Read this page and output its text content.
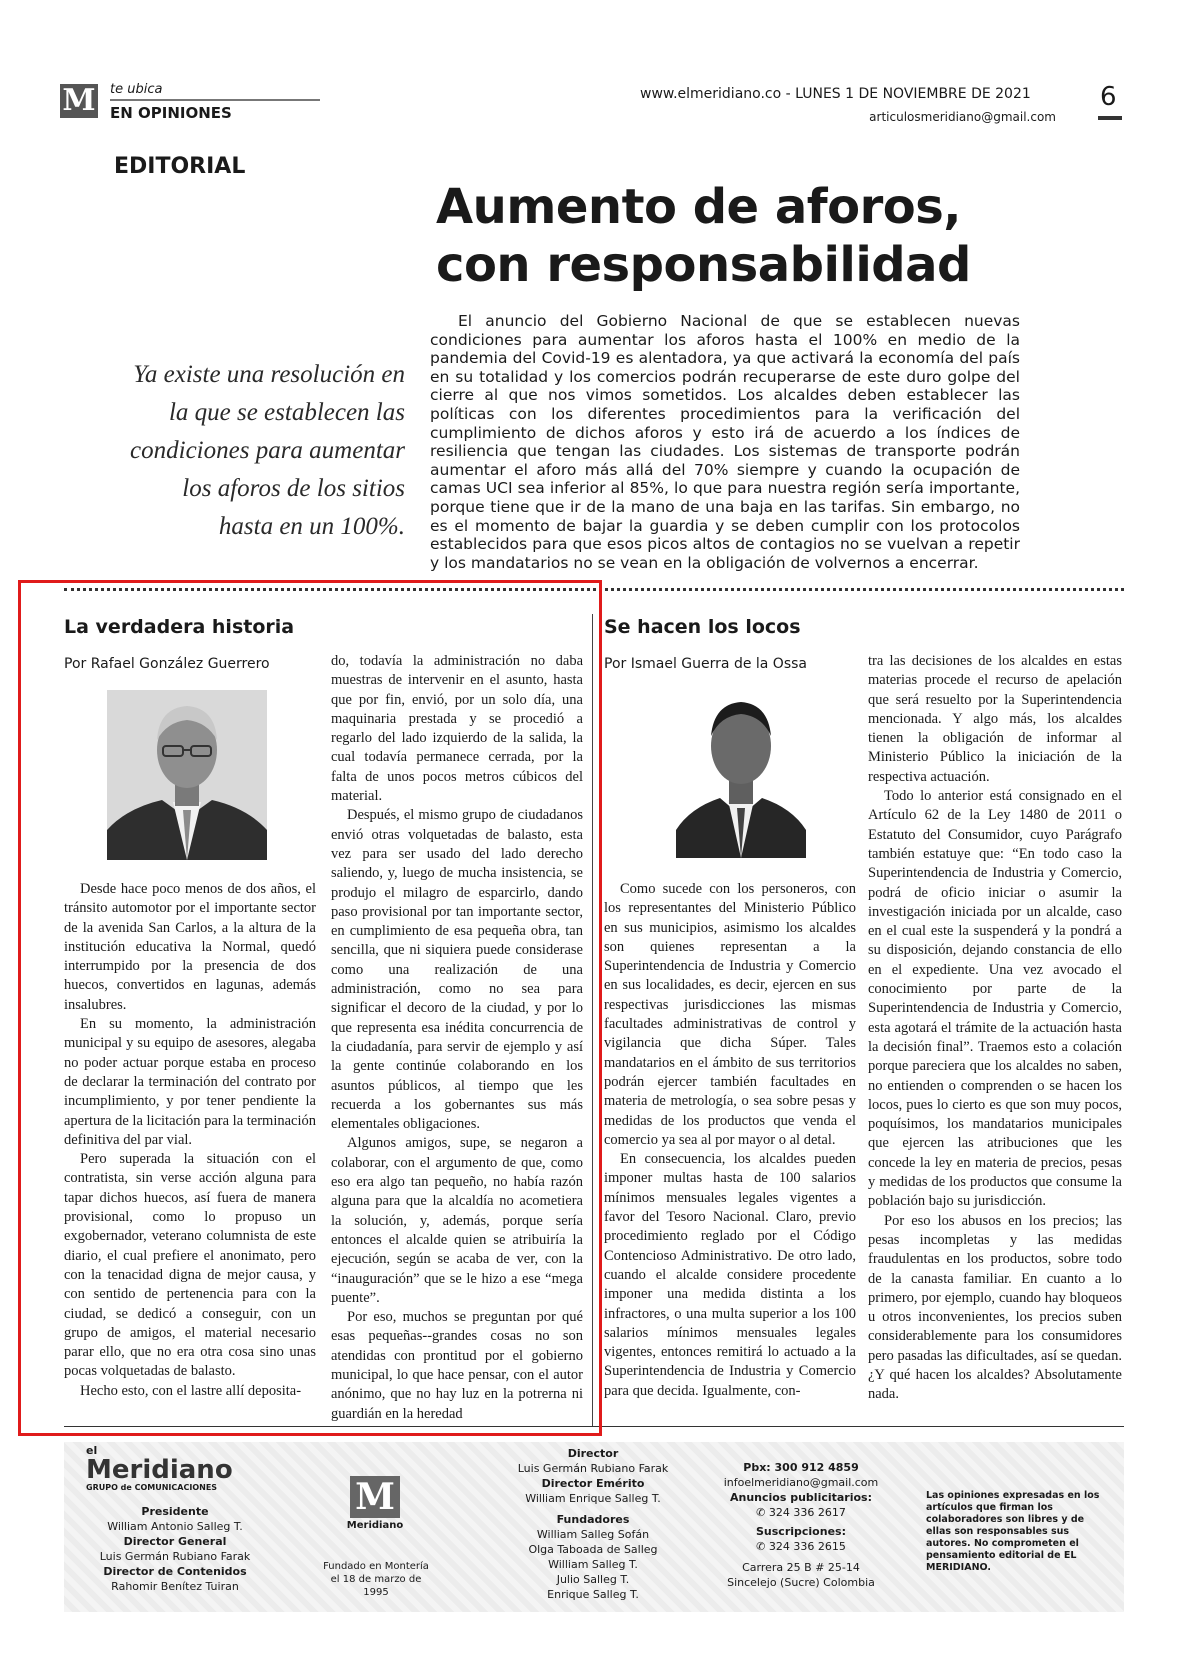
M te ubica
EN OPINIONES
www.elmeridiano.co - LUNES 1 DE NOVIEMBRE DE 2021
articulosmeridiano@gmail.com
6
EDITORIAL
Aumento de aforos,
con responsabilidad
Ya existe una resolución en la que se establecen las condiciones para aumentar los aforos de los sitios hasta en un 100%.

El anuncio del Gobierno Nacional de que se establecen nuevas condiciones para aumentar los aforos hasta el 100% en medio de la pandemia del Covid-19 es alentadora, ya que activará la economía del país en su totalidad y los comercios podrán recuperarse de este duro golpe del cierre al que nos vimos sometidos. Los alcaldes deben establecer las políticas con los diferentes procedimientos para la verificación del cumplimiento de dichos aforos y esto irá de acuerdo a los índices de resiliencia que tengan las ciudades. Los sistemas de transporte podrán aumentar el aforo más allá del 70% siempre y cuando la ocupación de camas UCI sea inferior al 85%, lo que para nuestra región sería importante, porque tiene que ir de la mano de una baja en las tarifas. Sin embargo, no es el momento de bajar la guardia y se deben cumplir con los protocolos establecidos para que esos picos altos de contagios no se vuelvan a repetir y los mandatarios no se vean en la obligación de volvernos a encerrar.

La verdadera historia
Por Rafael González Guerrero

Desde hace poco menos de dos años, el tránsito automotor por el importante sector de la avenida San Carlos, a la altura de la institución educativa la Normal, quedó interrumpido por la presencia de dos huecos, convertidos en lagunas, además insalubres.

En su momento, la administración municipal y su equipo de asesores, alegaba no poder actuar porque estaba en proceso de declarar la terminación del contrato por incumplimiento, y por tener pendiente la apertura de la licitación para la terminación definitiva del par vial.

Pero superada la situación con el contratista, sin verse acción alguna para tapar dichos huecos, así fuera de manera provisional, como lo propuso un exgobernador, veterano columnista de este diario, el cual prefiere el anonimato, pero con la tenacidad digna de mejor causa, y con sentido de pertenencia para con la ciudad, se dedicó a conseguir, con un grupo de amigos, el material necesario parar ello, que no era otra cosa sino unas pocas volquetadas de balasto.

Hecho esto, con el lastre allí deposita-

do, todavía la administración no daba muestras de intervenir en el asunto, hasta que por fin, envió, por un solo día, una maquinaria prestada y se procedió a regarlo del lado izquierdo de la salida, la cual todavía permanece cerrada, por la falta de unos pocos metros cúbicos del material.

Después, el mismo grupo de ciudadanos envió otras volquetadas de balasto, esta vez para ser usado del lado derecho saliendo, y, luego de mucha insistencia, se produjo el milagro de esparcirlo, dando paso provisional por tan importante sector, en cumplimiento de esa pequeña obra, tan sencilla, que ni siquiera puede considerase como una realización de una administración, como no sea para significar el decoro de la ciudad, y por lo que representa esa inédita concurrencia de la ciudadanía, para servir de ejemplo y así la gente continúe colaborando en los asuntos públicos, al tiempo que les recuerda a los gobernantes sus más elementales obligaciones.

Algunos amigos, supe, se negaron a colaborar, con el argumento de que, como eso era algo tan pequeño, no había razón alguna para que la alcaldía no acometiera la solución, y, además, porque sería entonces el alcalde quien se atribuiría la ejecución, según se acaba de ver, con la “inauguración” que se le hizo a ese “mega puente”.

Por eso, muchos se preguntan por qué esas pequeñas--grandes cosas no son atendidas con prontitud por el gobierno municipal, lo que hace pensar, con el autor anónimo, que no hay luz en la potrerna ni guardián en la heredad

Se hacen los locos
Por Ismael Guerra de la Ossa

Como sucede con los personeros, con los representantes del Ministerio Público en sus municipios, asimismo los alcaldes son quienes representan a la Superintendencia de Industria y Comercio en sus localidades, es decir, ejercen en sus respectivas jurisdicciones las mismas facultades administrativas de control y vigilancia que dicha Súper. Tales mandatarios en el ámbito de sus territorios podrán ejercer también facultades en materia de metrología, o sea sobre pesas y medidas de los productos que venda el comercio ya sea al por mayor o al detal.

En consecuencia, los alcaldes pueden imponer multas hasta de 100 salarios mínimos mensuales legales vigentes a favor del Tesoro Nacional. Claro, previo procedimiento reglado por el Código Contencioso Administrativo. De otro lado, cuando el alcalde considere procedente imponer una medida distinta a los infractores, o una multa superior a los 100 salarios mínimos mensuales legales vigentes, entonces remitirá lo actuado a la Superintendencia de Industria y Comercio para que decida. Igualmente, con-

tra las decisiones de los alcaldes en estas materias procede el recurso de apelación que será resuelto por la Superintendencia mencionada. Y algo más, los alcaldes tienen la obligación de informar al Ministerio Público la iniciación de la respectiva actuación.

Todo lo anterior está consignado en el Artículo 62 de la Ley 1480 de 2011 o Estatuto del Consumidor, cuyo Parágrafo también estatuye que: “En todo caso la Superintendencia de Industria y Comercio, podrá de oficio iniciar o asumir la investigación iniciada por un alcalde, caso en el cual este la suspenderá y la pondrá a su disposición, dejando constancia de ello en el expediente. Una vez avocado el conocimiento por parte de la Superintendencia de Industria y Comercio, esta agotará el trámite de la actuación hasta la decisión final”. Traemos esto a colación porque pareciera que los alcaldes no saben, no entienden o comprenden o se hacen los locos, pues lo cierto es que son muy pocos, poquísimos, los mandatarios municipales que ejercen las atribuciones que les concede la ley en materia de precios, pesas y medidas de los productos que consume la población bajo su jurisdicción.

Por eso los abusos en los precios; las pesas incompletas y las medidas fraudulentas en los productos, sobre todo de la canasta familiar. En cuanto a lo primero, por ejemplo, cuando hay bloqueos u otros inconvenientes, los precios suben considerablemente para los consumidores pero pasadas las dificultades, así se quedan. ¿Y qué hacen los alcaldes? Absolutamente nada.

el
Meridiano
GRUPO de COMUNICACIONES
Presidente
William Antonio Salleg T.
Director General
Luis Germán Rubiano Farak
Director de Contenidos
Rahomir Benítez Tuiran
M
Meridiano
Fundado en Montería el 18 de marzo de 1995
Director
Luis Germán Rubiano Farak
Director Emérito
William Enrique Salleg T.
Fundadores
William Salleg Sofán
Olga Taboada de Salleg
William Salleg T.
Julio Salleg T.
Enrique Salleg T.
Pbx: 300 912 4859
infoelmeridiano@gmail.com
Anuncios publicitarios:
✆ 324 336 2617
Suscripciones:
✆ 324 336 2615
Carrera 25 B # 25-14
Sincelejo (Sucre) Colombia
Las opiniones expresadas en los artículos que firman los colaboradores son libres y de ellas son responsables sus autores. No comprometen el pensamiento editorial de EL MERIDIANO.
